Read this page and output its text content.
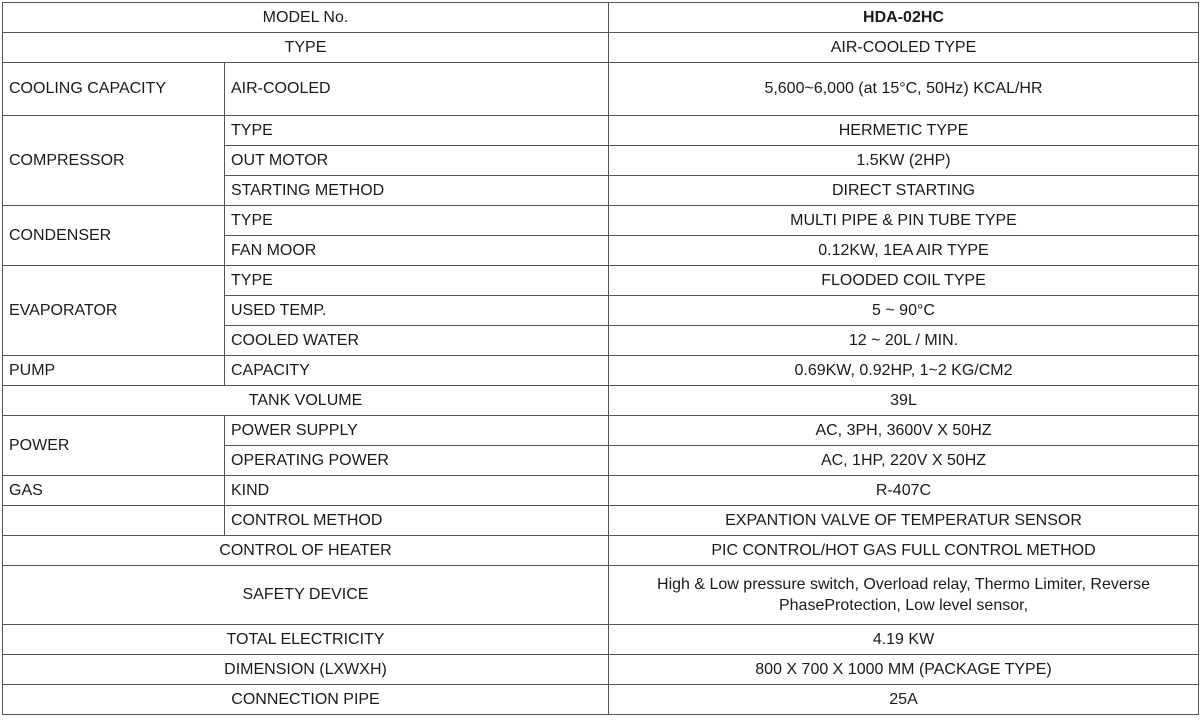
MODEL No.		HDA-02HC
TYPE		AIR-COOLED TYPE
COOLING CAPACITY	AIR-COOLED	5,600~6,000 (at 15°C, 50Hz) KCAL/HR
COMPRESSOR	TYPE	HERMETIC TYPE
	OUT MOTOR	1.5KW (2HP)
	STARTING METHOD	DIRECT STARTING
CONDENSER	TYPE	MULTI PIPE & PIN TUBE TYPE
	FAN MOOR	0.12KW, 1EA AIR TYPE
EVAPORATOR	TYPE	FLOODED COIL TYPE
	USED TEMP.	5 ~ 90°C
	COOLED WATER	12 ~ 20L / MIN.
PUMP	CAPACITY	0.69KW, 0.92HP, 1~2 KG/CM2
TANK VOLUME		39L
POWER	POWER SUPPLY	AC, 3PH, 3600V X 50HZ
	OPERATING POWER	AC, 1HP, 220V X 50HZ
GAS	KIND	R-407C
	CONTROL METHOD	EXPANTION VALVE OF TEMPERATUR SENSOR
CONTROL OF HEATER		PIC CONTROL/HOT GAS FULL CONTROL METHOD
SAFETY DEVICE		High & Low pressure switch, Overload relay, Thermo Limiter, Reverse PhaseProtection, Low level sensor,
TOTAL ELECTRICITY		4.19 KW
DIMENSION (LXWXH)		800 X 700 X 1000 MM (PACKAGE TYPE)
CONNECTION PIPE		25A
